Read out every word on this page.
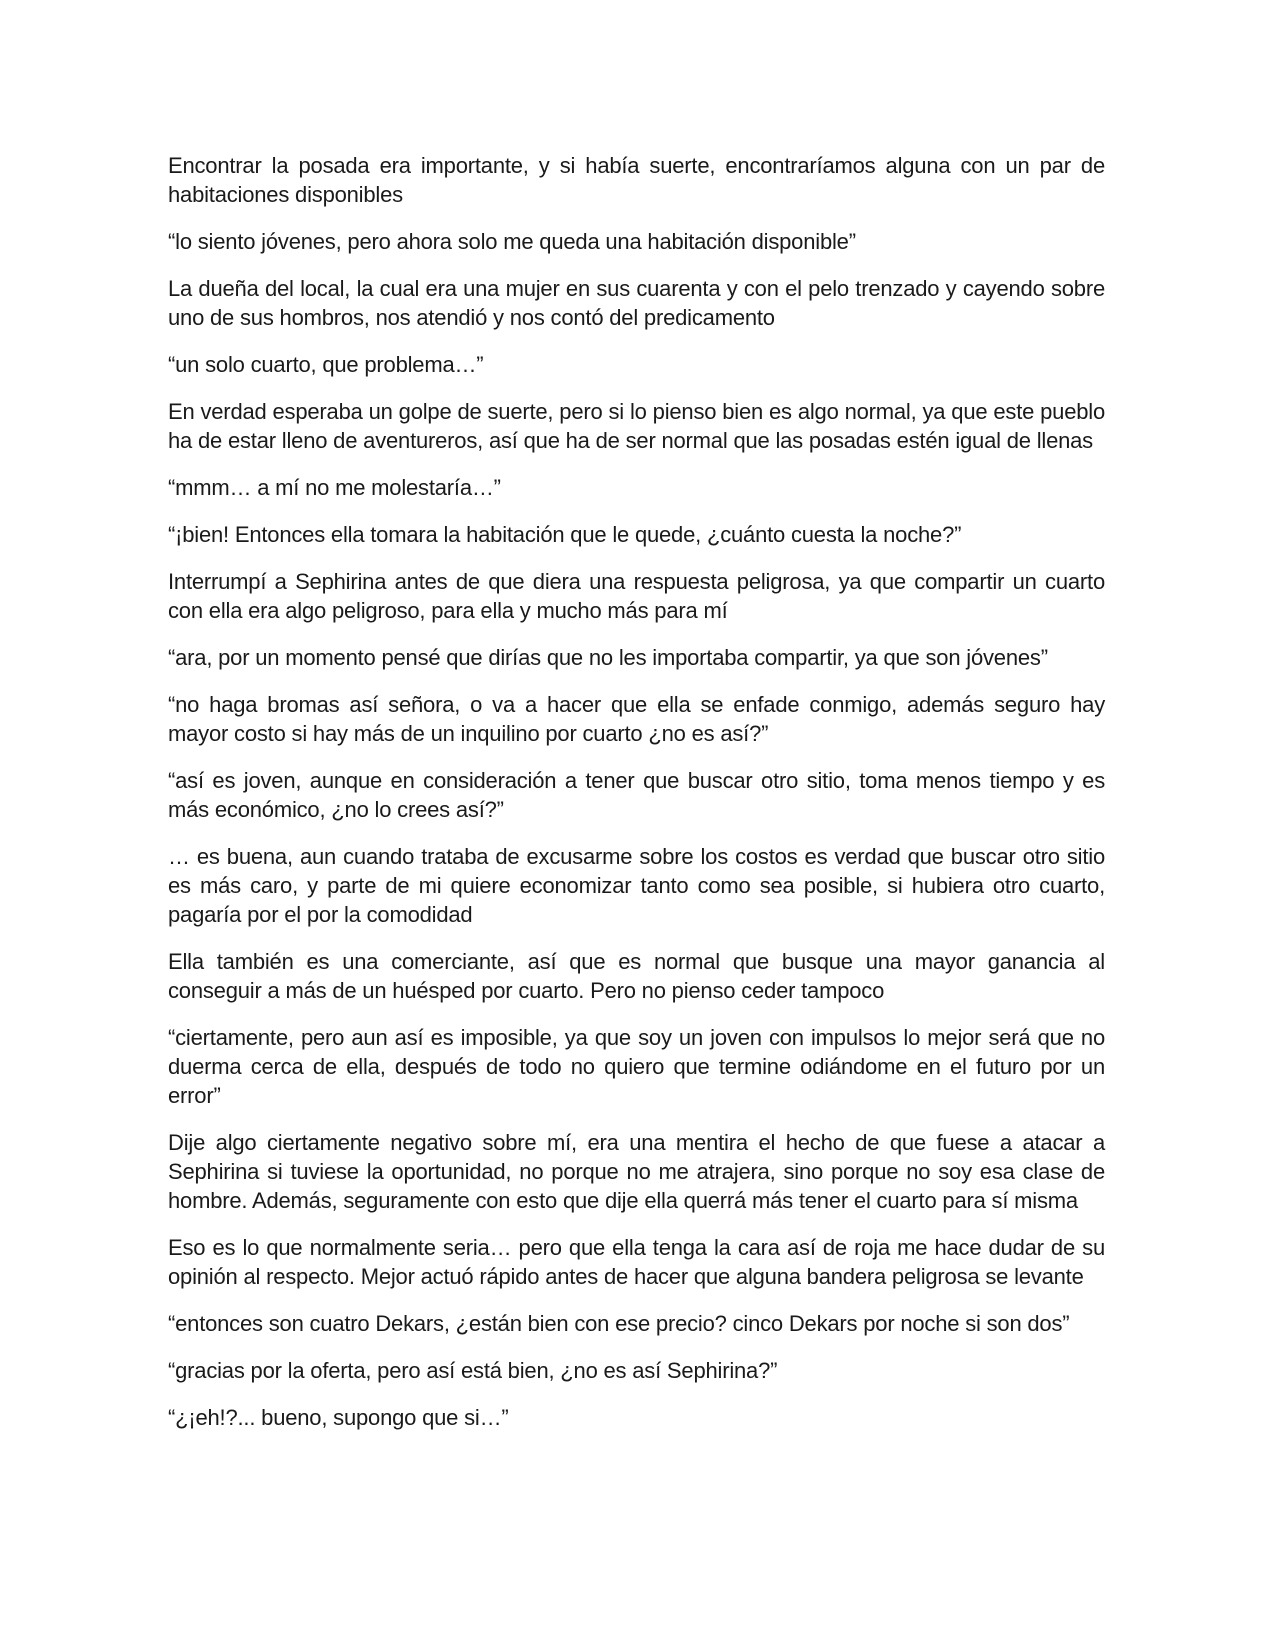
Encontrar la posada era importante, y si había suerte, encontraríamos alguna con un par de habitaciones disponibles

“lo siento jóvenes, pero ahora solo me queda una habitación disponible”

La dueña del local, la cual era una mujer en sus cuarenta y con el pelo trenzado y cayendo sobre uno de sus hombros, nos atendió y nos contó del predicamento

“un solo cuarto, que problema…”

En verdad esperaba un golpe de suerte, pero si lo pienso bien es algo normal, ya que este pueblo ha de estar lleno de aventureros, así que ha de ser normal que las posadas estén igual de llenas

“mmm… a mí no me molestaría…”

“¡bien! Entonces ella tomara la habitación que le quede, ¿cuánto cuesta la noche?”

Interrumpí a Sephirina antes de que diera una respuesta peligrosa, ya que compartir un cuarto con ella era algo peligroso, para ella y mucho más para mí

“ara, por un momento pensé que dirías que no les importaba compartir, ya que son jóvenes”

“no haga bromas así señora, o va a hacer que ella se enfade conmigo, además seguro hay mayor costo si hay más de un inquilino por cuarto ¿no es así?”

“así es joven, aunque en consideración a tener que buscar otro sitio, toma menos tiempo y es más económico, ¿no lo crees así?”

… es buena, aun cuando trataba de excusarme sobre los costos es verdad que buscar otro sitio es más caro, y parte de mi quiere economizar tanto como sea posible, si hubiera otro cuarto, pagaría por el por la comodidad

Ella también es una comerciante, así que es normal que busque una mayor ganancia al conseguir a más de un huésped por cuarto. Pero no pienso ceder tampoco

“ciertamente, pero aun así es imposible, ya que soy un joven con impulsos lo mejor será que no duerma cerca de ella, después de todo no quiero que termine odiándome en el futuro por un error”

Dije algo ciertamente negativo sobre mí, era una mentira el hecho de que fuese a atacar a Sephirina si tuviese la oportunidad, no porque no me atrajera, sino porque no soy esa clase de hombre. Además, seguramente con esto que dije ella querrá más tener el cuarto para sí misma

Eso es lo que normalmente seria… pero que ella tenga la cara así de roja me hace dudar de su opinión al respecto. Mejor actuó rápido antes de hacer que alguna bandera peligrosa se levante

“entonces son cuatro Dekars, ¿están bien con ese precio? cinco Dekars por noche si son dos”

“gracias por la oferta, pero así está bien, ¿no es así Sephirina?”

“¿¡eh!?... bueno, supongo que si…”
